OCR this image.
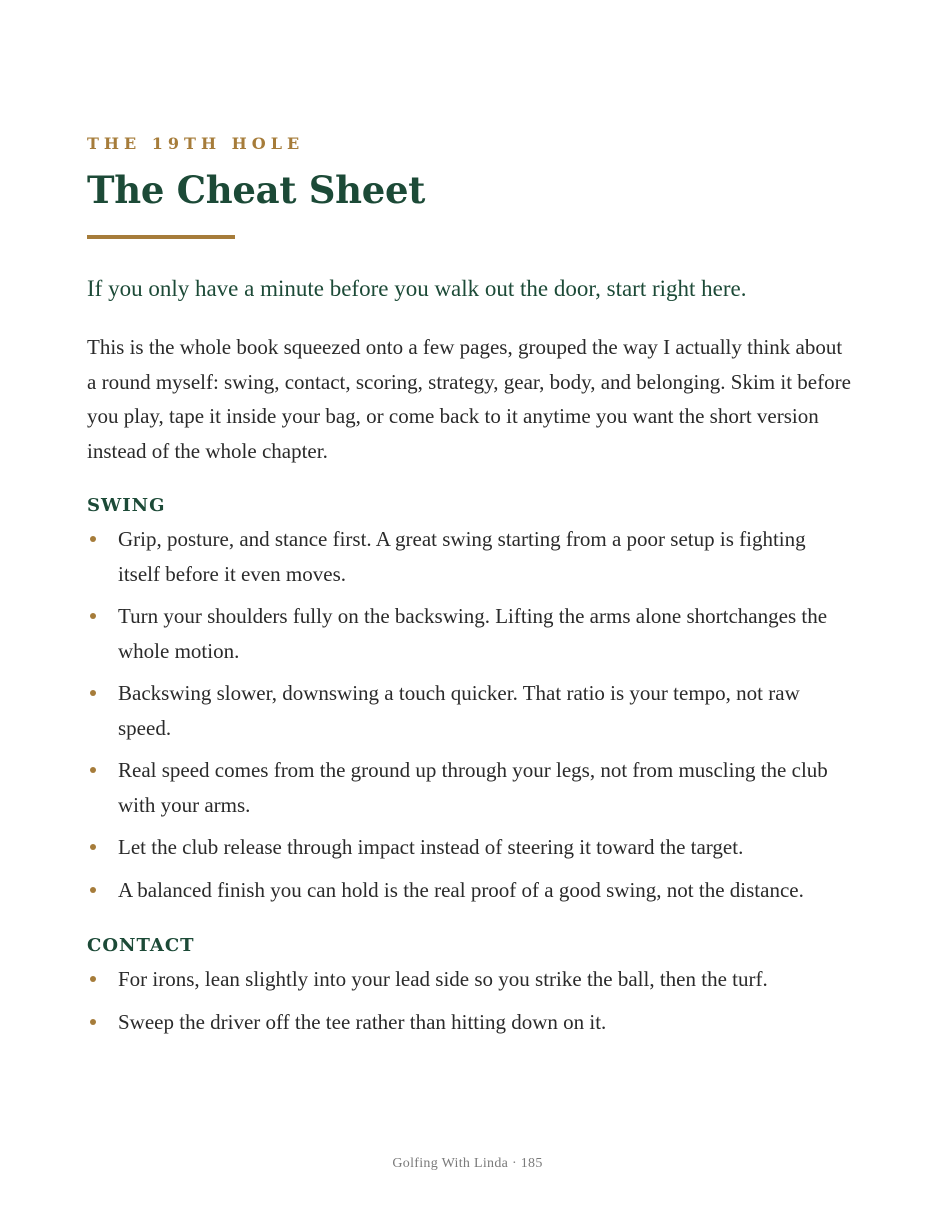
THE 19TH HOLE

The Cheat Sheet

If you only have a minute before you walk out the door, start right here.

This is the whole book squeezed onto a few pages, grouped the way I actually think about a round myself: swing, contact, scoring, strategy, gear, body, and belonging. Skim it before you play, tape it inside your bag, or come back to it anytime you want the short version instead of the whole chapter.

SWING
Grip, posture, and stance first. A great swing starting from a poor setup is fighting itself before it even moves.
Turn your shoulders fully on the backswing. Lifting the arms alone shortchanges the whole motion.
Backswing slower, downswing a touch quicker. That ratio is your tempo, not raw speed.
Real speed comes from the ground up through your legs, not from muscling the club with your arms.
Let the club release through impact instead of steering it toward the target.
A balanced finish you can hold is the real proof of a good swing, not the distance.
CONTACT
For irons, lean slightly into your lead side so you strike the ball, then the turf.
Sweep the driver off the tee rather than hitting down on it.
Golfing With Linda · 185
